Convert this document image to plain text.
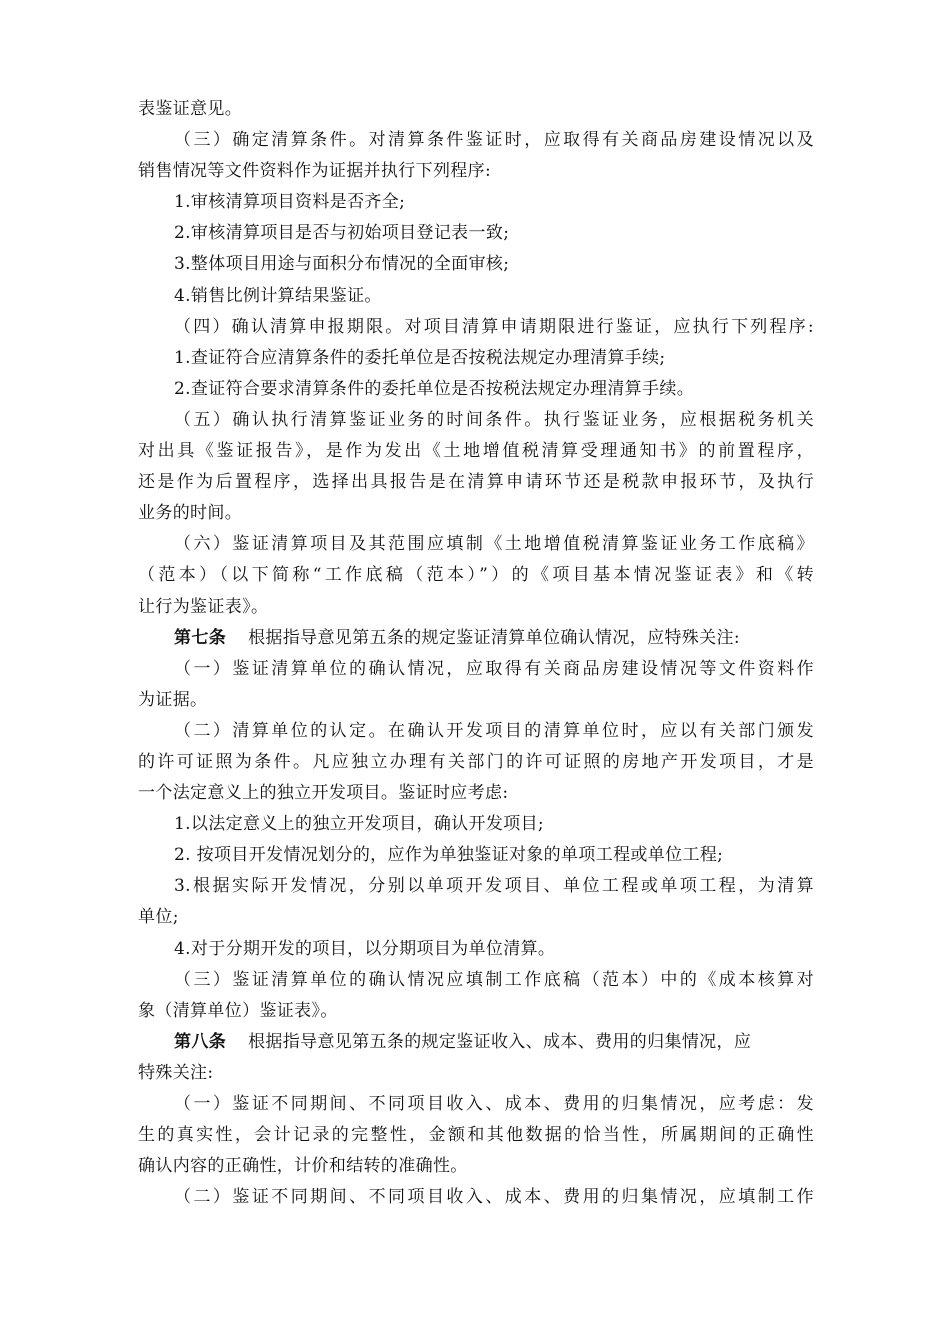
表鉴证意见。
（三）确定清算条件。对清算条件鉴证时，应取得有关商品房建设情况以及
销售情况等文件资料作为证据并执行下列程序:
1.审核清算项目资料是否齐全;
2.审核清算项目是否与初始项目登记表一致;
3.整体项目用途与面积分布情况的全面审核;
4.销售比例计算结果鉴证。
（四）确认清算申报期限。对项目清算申请期限进行鉴证，应执行下列程序:
1.查证符合应清算条件的委托单位是否按税法规定办理清算手续;
2.查证符合要求清算条件的委托单位是否按税法规定办理清算手续。
（五）确认执行清算鉴证业务的时间条件。执行鉴证业务，应根据税务机关
对出具《鉴证报告》，是作为发出《土地增值税清算受理通知书》的前置程序，
还是作为后置程序，选择出具报告是在清算申请环节还是税款申报环节，及执行
业务的时间。
（六）鉴证清算项目及其范围应填制《土地增值税清算鉴证业务工作底稿》
（范本）（以下简称“工作底稿（范本）”）的《项目基本情况鉴证表》和《转
让行为鉴证表》。
第七条 根据指导意见第五条的规定鉴证清算单位确认情况，应特殊关注:
（一）鉴证清算单位的确认情况，应取得有关商品房建设情况等文件资料作
为证据。
（二）清算单位的认定。在确认开发项目的清算单位时，应以有关部门颁发
的许可证照为条件。凡应独立办理有关部门的许可证照的房地产开发项目，才是
一个法定意义上的独立开发项目。鉴证时应考虑:
1.以法定意义上的独立开发项目，确认开发项目;
2. 按项目开发情况划分的，应作为单独鉴证对象的单项工程或单位工程;
3.根据实际开发情况，分别以单项开发项目、单位工程或单项工程，为清算
单位;
4.对于分期开发的项目，以分期项目为单位清算。
（三）鉴证清算单位的确认情况应填制工作底稿（范本）中的《成本核算对
象（清算单位）鉴证表》。
第八条 根据指导意见第五条的规定鉴证收入、成本、费用的归集情况，应
特殊关注:
（一）鉴证不同期间、不同项目收入、成本、费用的归集情况，应考虑：发
生的真实性，会计记录的完整性，金额和其他数据的恰当性，所属期间的正确性
确认内容的正确性，计价和结转的准确性。
（二）鉴证不同期间、不同项目收入、成本、费用的归集情况，应填制工作
